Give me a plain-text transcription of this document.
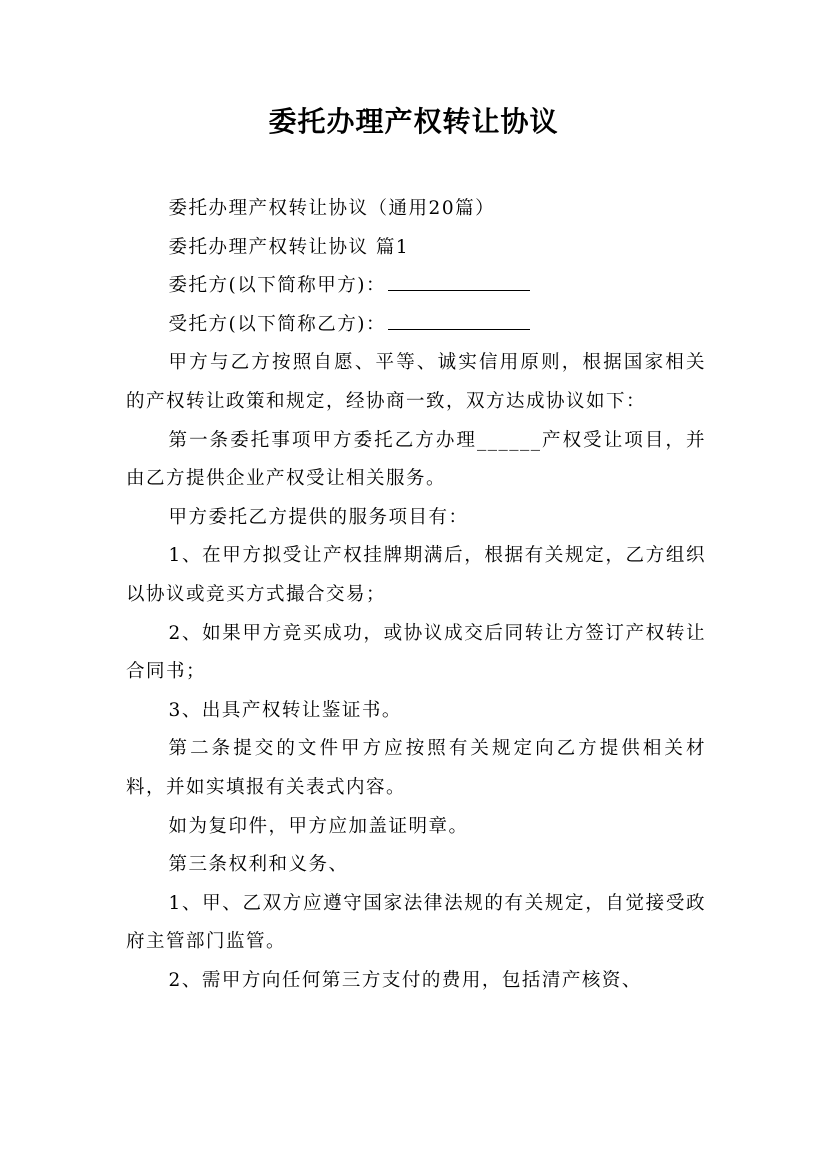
委托办理产权转让协议

委托办理产权转让协议（通用20篇）

委托办理产权转让协议 篇1

委托方(以下简称甲方)：

受托方(以下简称乙方)：

甲方与乙方按照自愿、平等、诚实信用原则，根据国家相关的产权转让政策和规定，经协商一致，双方达成协议如下：

第一条委托事项甲方委托乙方办理______产权受让项目，并由乙方提供企业产权受让相关服务。

甲方委托乙方提供的服务项目有：

1、在甲方拟受让产权挂牌期满后，根据有关规定，乙方组织以协议或竞买方式撮合交易；

2、如果甲方竞买成功，或协议成交后同转让方签订产权转让合同书；

3、出具产权转让鉴证书。

第二条提交的文件甲方应按照有关规定向乙方提供相关材料，并如实填报有关表式内容。

如为复印件，甲方应加盖证明章。

第三条权利和义务、

1、甲、乙双方应遵守国家法律法规的有关规定，自觉接受政府主管部门监管。

2、需甲方向任何第三方支付的费用，包括清产核资、
